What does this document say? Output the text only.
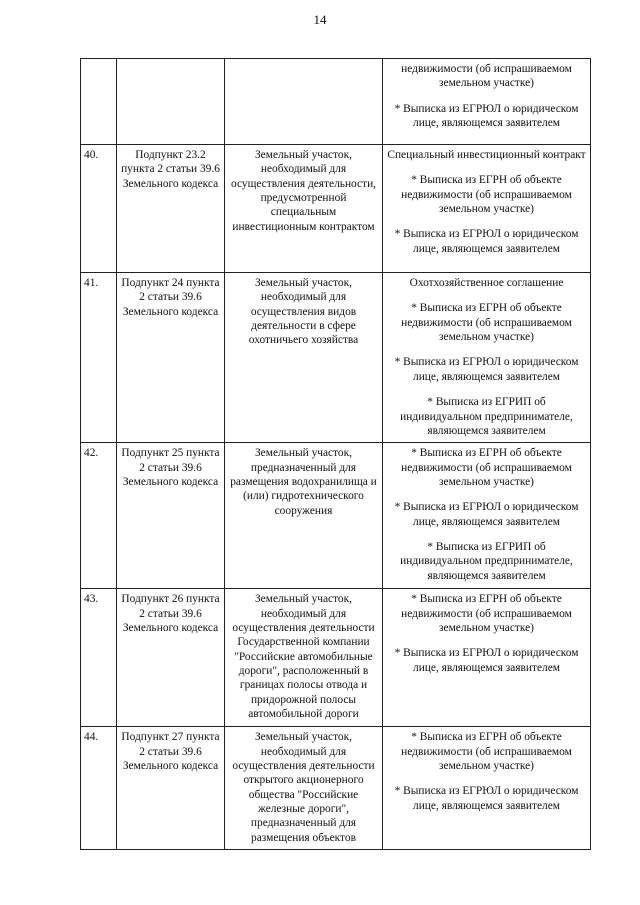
14

			недвижимости (об испрашиваемом земельном участке)

* Выписка из ЕГРЮЛ о юридическом лице, являющемся заявителем

40.	Подпункт 23.2 пункта 2 статьи 39.6 Земельного кодекса	Земельный участок, необходимый для осуществления деятельности, предусмотренной специальным инвестиционным контрактом	Специальный инвестиционный контракт

* Выписка из ЕГРН об объекте недвижимости (об испрашиваемом земельном участке)

* Выписка из ЕГРЮЛ о юридическом лице, являющемся заявителем

41.	Подпункт 24 пункта 2 статьи 39.6 Земельного кодекса	Земельный участок, необходимый для осуществления видов деятельности в сфере охотничьего хозяйства	Охотхозяйственное соглашение

* Выписка из ЕГРН об объекте недвижимости (об испрашиваемом земельном участке)

* Выписка из ЕГРЮЛ о юридическом лице, являющемся заявителем

* Выписка из ЕГРИП об индивидуальном предпринимателе, являющемся заявителем

42.	Подпункт 25 пункта 2 статьи 39.6 Земельного кодекса	Земельный участок, предназначенный для размещения водохранилища и (или) гидротехнического сооружения	* Выписка из ЕГРН об объекте недвижимости (об испрашиваемом земельном участке)

* Выписка из ЕГРЮЛ о юридическом лице, являющемся заявителем

* Выписка из ЕГРИП об индивидуальном предпринимателе, являющемся заявителем

43.	Подпункт 26 пункта 2 статьи 39.6 Земельного кодекса	Земельный участок, необходимый для осуществления деятельности Государственной компании "Российские автомобильные дороги", расположенный в границах полосы отвода и придорожной полосы автомобильной дороги	* Выписка из ЕГРН об объекте недвижимости (об испрашиваемом земельном участке)

* Выписка из ЕГРЮЛ о юридическом лице, являющемся заявителем

44.	Подпункт 27 пункта 2 статьи 39.6 Земельного кодекса	Земельный участок, необходимый для осуществления деятельности открытого акционерного общества "Российские железные дороги", предназначенный для размещения объектов	* Выписка из ЕГРН об объекте недвижимости (об испрашиваемом земельном участке)

* Выписка из ЕГРЮЛ о юридическом лице, являющемся заявителем
